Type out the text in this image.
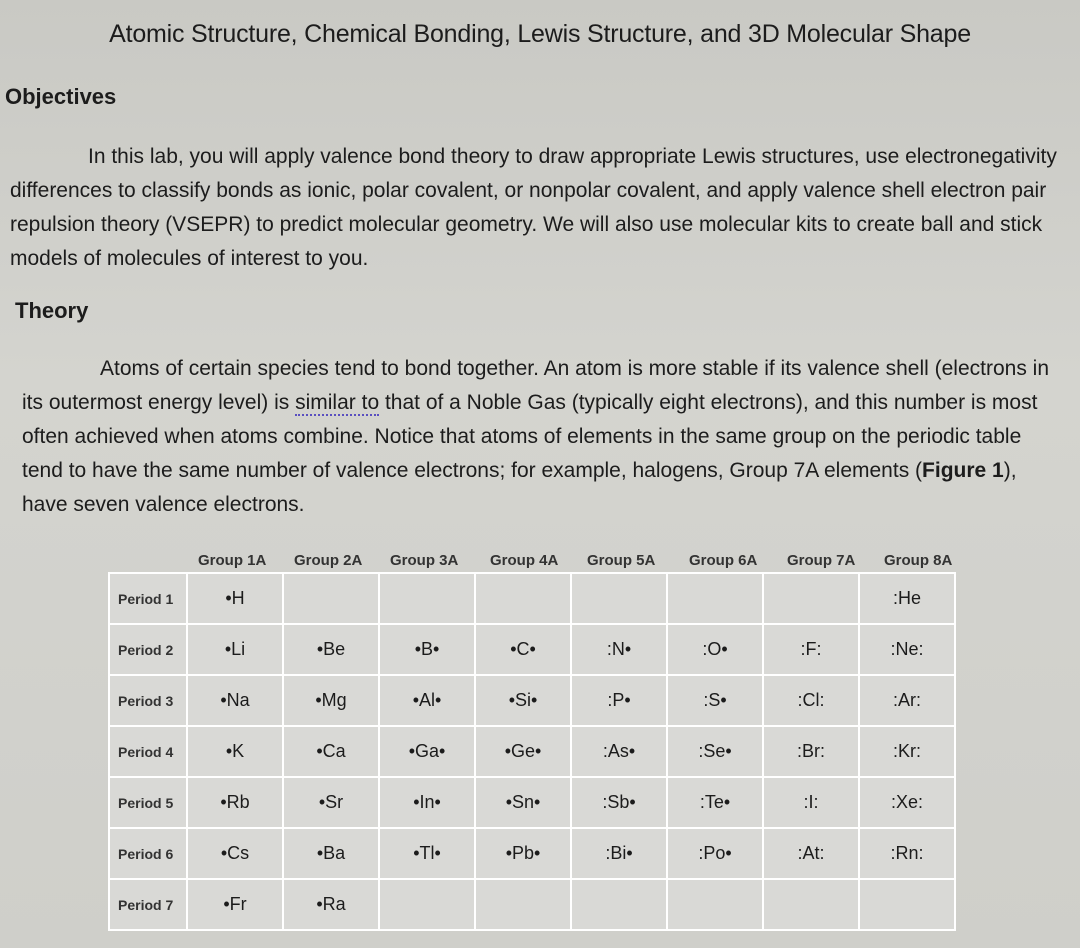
Atomic Structure, Chemical Bonding, Lewis Structure, and 3D Molecular Shape
Objectives
In this lab, you will apply valence bond theory to draw appropriate Lewis structures, use electronegativity differences to classify bonds as ionic, polar covalent, or nonpolar covalent, and apply valence shell electron pair repulsion theory (VSEPR) to predict molecular geometry. We will also use molecular kits to create ball and stick models of molecules of interest to you.
Theory
Atoms of certain species tend to bond together. An atom is more stable if its valence shell (electrons in its outermost energy level) is similar to that of a Noble Gas (typically eight electrons), and this number is most often achieved when atoms combine. Notice that atoms of elements in the same group on the periodic table tend to have the same number of valence electrons; for example, halogens, Group 7A elements (Figure 1), have seven valence electrons.
Group 1A Group 2A Group 3A Group 4A Group 5A Group 6A Group 7A Group 8A
Period 1	•H							:He
Period 2	•Li	•Be	•B•	•C•	:N•	:O•	:F:	:Ne:
Period 3	•Na	•Mg	•Al•	•Si•	:P•	:S•	:Cl:	:Ar:
Period 4	•K	•Ca	•Ga•	•Ge•	:As•	:Se•	:Br:	:Kr:
Period 5	•Rb	•Sr	•In•	•Sn•	:Sb•	:Te•	:I:	:Xe:
Period 6	•Cs	•Ba	•Tl•	•Pb•	:Bi•	:Po•	:At:	:Rn:
Period 7	•Fr	•Ra						
